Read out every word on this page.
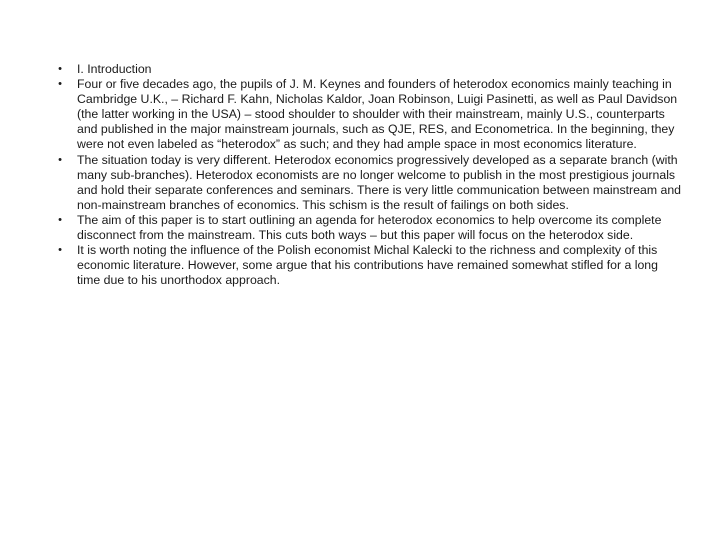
• I. Introduction
• Four or five decades ago, the pupils of J. M. Keynes and founders of heterodox economics mainly teaching in Cambridge U.K., – Richard F. Kahn, Nicholas Kaldor, Joan Robinson, Luigi Pasinetti, as well as Paul Davidson (the latter working in the USA) – stood shoulder to shoulder with their mainstream, mainly U.S., counterparts and published in the major mainstream journals, such as QJE, RES, and Econometrica. In the beginning, they were not even labeled as “heterodox” as such; and they had ample space in most economics literature.
• The situation today is very different. Heterodox economics progressively developed as a separate branch (with many sub-branches). Heterodox economists are no longer welcome to publish in the most prestigious journals and hold their separate conferences and seminars. There is very little communication between mainstream and non-mainstream branches of economics. This schism is the result of failings on both sides.
• The aim of this paper is to start outlining an agenda for heterodox economics to help overcome its complete disconnect from the mainstream. This cuts both ways – but this paper will focus on the heterodox side.
• It is worth noting the influence of the Polish economist Michal Kalecki to the richness and complexity of this economic literature. However, some argue that his contributions have remained somewhat stifled for a long time due to his unorthodox approach.
